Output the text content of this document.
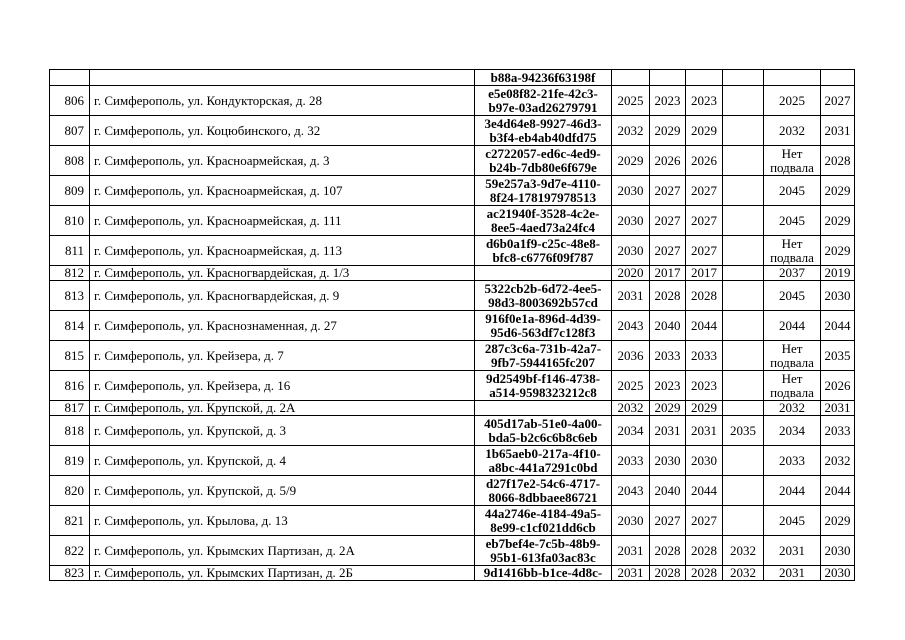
		b88a-94236f63198f						

806	г. Симферополь, ул. Кондукторская, д. 28	e5e08f82-21fe-42c3-
b97e-03ad26279791	2025	2023	2023		2025	2027
807	г. Симферополь, ул. Коцюбинского, д. 32	3e4d64e8-9927-46d3-
b3f4-eb4ab40dfd75	2032	2029	2029		2032	2031
808	г. Симферополь, ул. Красноармейская, д. 3	c2722057-ed6c-4ed9-
b24b-7db80e6f679e	2029	2026	2026		Нет
подвала	2028
809	г. Симферополь, ул. Красноармейская, д. 107	59e257a3-9d7e-4110-
8f24-178197978513	2030	2027	2027		2045	2029
810	г. Симферополь, ул. Красноармейская, д. 111	ac21940f-3528-4c2e-
8ee5-4aed73a24fc4	2030	2027	2027		2045	2029
811	г. Симферополь, ул. Красноармейская, д. 113	d6b0a1f9-c25c-48e8-
bfc8-c6776f09f787	2030	2027	2027		Нет
подвала	2029
812	г. Симферополь, ул. Красногвардейская, д. 1/3		2020	2017	2017		2037	2019
813	г. Симферополь, ул. Красногвардейская, д. 9	5322cb2b-6d72-4ee5-
98d3-8003692b57cd	2031	2028	2028		2045	2030
814	г. Симферополь, ул. Краснознаменная, д. 27	916f0e1a-896d-4d39-
95d6-563df7c128f3	2043	2040	2044		2044	2044
815	г. Симферополь, ул. Крейзера, д. 7	287c3c6a-731b-42a7-
9fb7-5944165fc207	2036	2033	2033		Нет
подвала	2035
816	г. Симферополь, ул. Крейзера, д. 16	9d2549bf-f146-4738-
a514-9598323212c8	2025	2023	2023		Нет
подвала	2026
817	г. Симферополь, ул. Крупской, д. 2А		2032	2029	2029		2032	2031
818	г. Симферополь, ул. Крупской, д. 3	405d17ab-51e0-4a00-
bda5-b2c6c6b8c6eb	2034	2031	2031	2035	2034	2033
819	г. Симферополь, ул. Крупской, д. 4	1b65aeb0-217a-4f10-
a8bc-441a7291c0bd	2033	2030	2030		2033	2032
820	г. Симферополь, ул. Крупской, д. 5/9	d27f17e2-54c6-4717-
8066-8dbbaee86721	2043	2040	2044		2044	2044
821	г. Симферополь, ул. Крылова, д. 13	44a2746e-4184-49a5-
8e99-c1cf021dd6cb	2030	2027	2027		2045	2029
822	г. Симферополь, ул. Крымских Партизан, д. 2А	eb7bef4e-7c5b-48b9-
95b1-613fa03ac83c	2031	2028	2028	2032	2031	2030
823	г. Симферополь, ул. Крымских Партизан, д. 2Б	9d1416bb-b1ce-4d8c-	2031	2028	2028	2032	2031	2030
